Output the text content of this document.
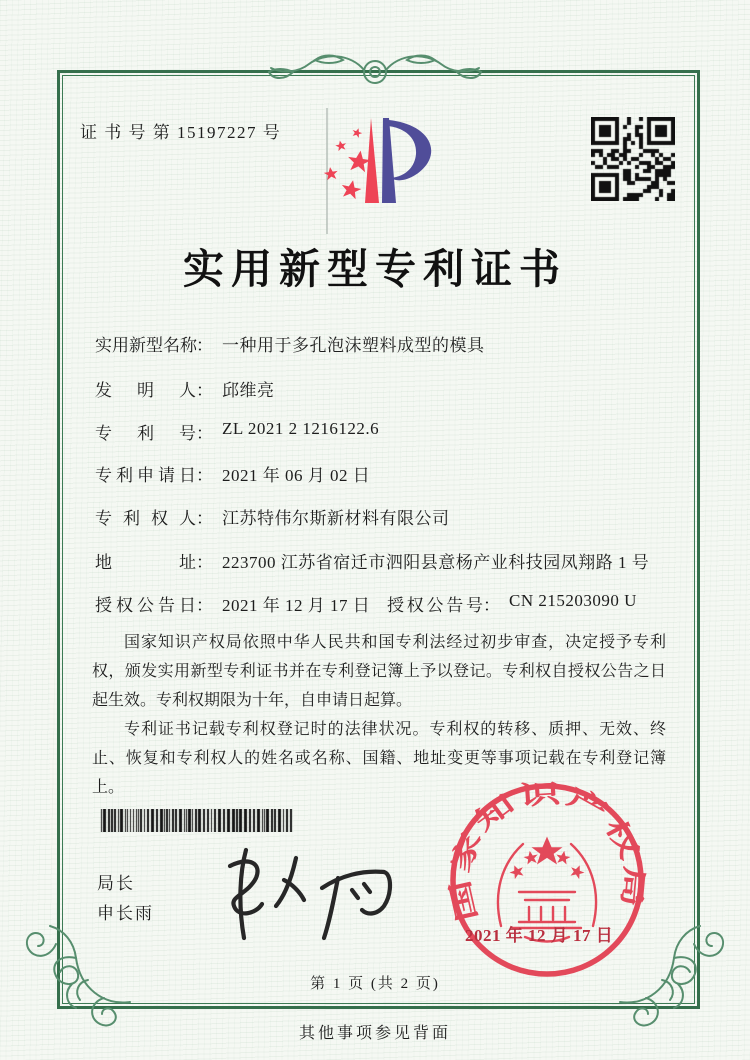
证 书 号 第 15197227 号
实用新型专利证书
实用新型名称： 一种用于多孔泡沫塑料成型的模具
发明人： 邱维亮
专利号： ZL 2021 2 1216122.6
专利申请日： 2021 年 06 月 02 日
专利权人： 江苏特伟尔斯新材料有限公司
地址： 223700 江苏省宿迁市泗阳县意杨产业科技园凤翔路 1 号
授权公告日： 2021 年 12 月 17 日 授权公告号： CN 215203090 U

国家知识产权局依照中华人民共和国专利法经过初步审查，决定授予专利权，颁发实用新型专利证书并在专利登记簿上予以登记。专利权自授权公告之日起生效。专利权期限为十年，自申请日起算。

专利证书记载专利权登记时的法律状况。专利权的转移、质押、无效、终止、恢复和专利权人的姓名或名称、国籍、地址变更等事项记载在专利登记簿上。

局长
申长雨	国家知识产权局
2021 年 12 月 17 日
第 1 页 (共 2 页)
其他事项参见背面
